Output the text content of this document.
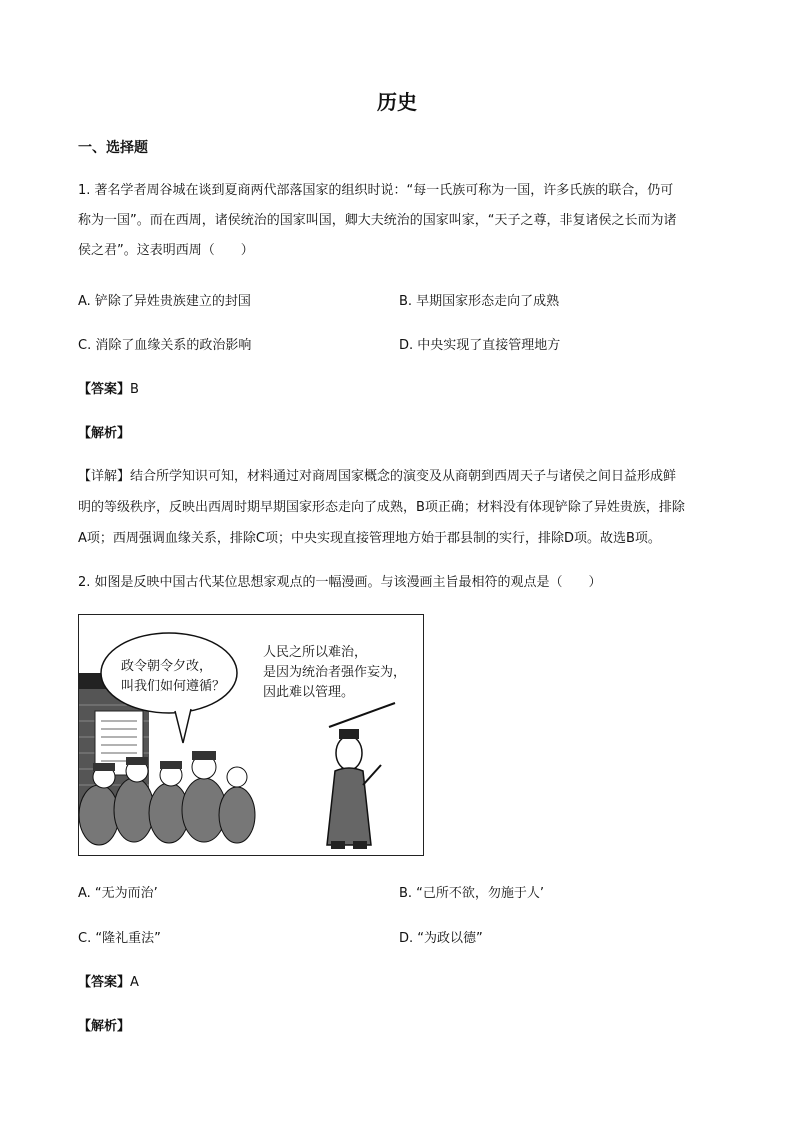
历史
一、选择题
1. 著名学者周谷城在谈到夏商两代部落国家的组织时说：“每一氏族可称为一国，许多氏族的联合，仍可
称为一国”。而在西周，诸侯统治的国家叫国，卿大夫统治的国家叫家，“天子之尊，非复诸侯之长而为诸
侯之君”。这表明西周（　　）
A. 铲除了异姓贵族建立的封国	B. 早期国家形态走向了成熟
C. 消除了血缘关系的政治影响	D. 中央实现了直接管理地方
【答案】B
【解析】
【详解】结合所学知识可知，材料通过对商周国家概念的演变及从商朝到西周天子与诸侯之间日益形成鲜
明的等级秩序，反映出西周时期早期国家形态走向了成熟，B项正确；材料没有体现铲除了异姓贵族，排除
A项；西周强调血缘关系，排除C项；中央实现直接管理地方始于郡县制的实行，排除D项。故选B项。
2. 如图是反映中国古代某位思想家观点的一幅漫画。与该漫画主旨最相符的观点是（　　）
政令朝令夕改，
叫我们如何遵循？
人民之所以难治，
是因为统治者强作妄为，
因此难以管理。
A. “无为而治’	B. “己所不欲，勿施于人’
C. “隆礼重法”	D. “为政以德”
【答案】A
【解析】
